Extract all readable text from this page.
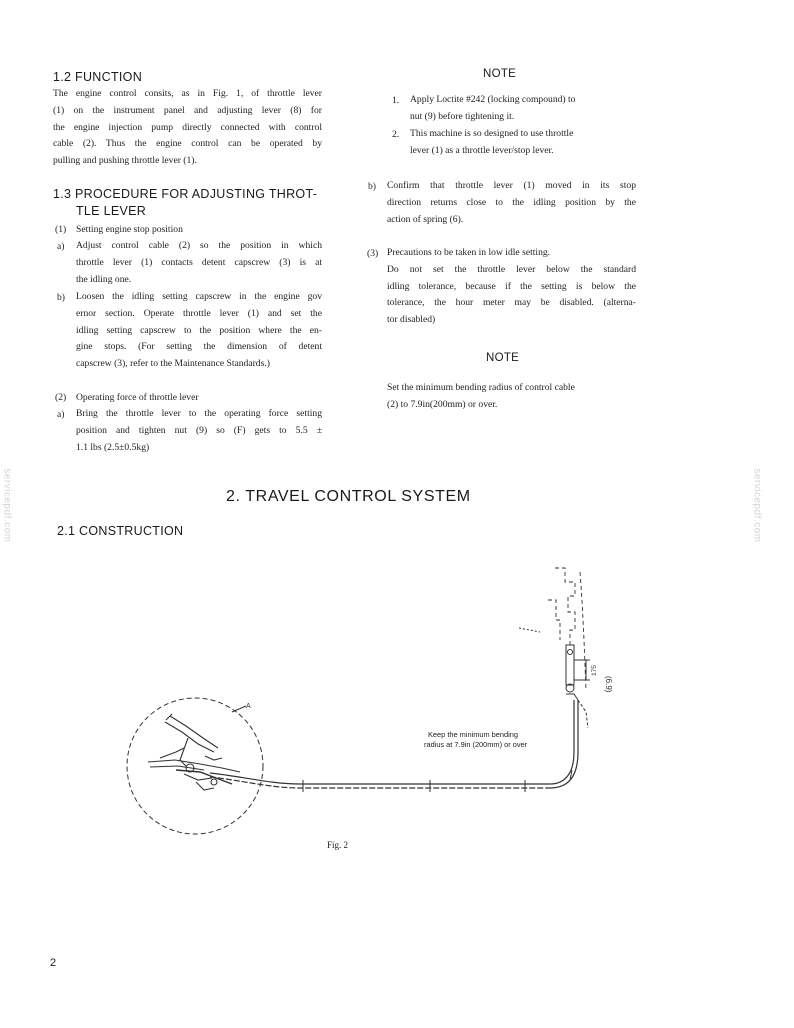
servicepdf.com	servicepdf.com
1.2 FUNCTION
The engine control consits, as in Fig. 1, of throttle lever
(1) on the instrument panel and adjusting lever (8) for
the engine injection pump directly connected with control
cable (2). Thus the engine control can be operated by
pulling and pushing throttle lever (1).
1.3 PROCEDURE FOR ADJUSTING THROT-
TLE LEVER
(1) Setting engine stop position
a) Adjust control cable (2) so the position in which
throttle lever (1) contacts detent capscrew (3) is at
the idling one.
b) Loosen the idling setting capscrew in the engine gov
ernor section. Operate throttle lever (1) and set the
idling setting capscrew to the position where the en-
gine stops. (For setting the dimension of detent
capscrew (3), refer to the Maintenance Standards.)
(2) Operating force of throttle lever
a) Bring the throttle lever to the operating force setting
position and tighten nut (9) so (F) gets to 5.5 ±
1.1 lbs (2.5±0.5kg)
NOTE
1. Apply Loctite #242 (locking compound) to
nut (9) before tightening it.
2. This machine is so designed to use throttle
lever (1) as a throttle lever/stop lever.
b) Confirm that throttle lever (1) moved in its stop
direction returns close to the idling position by the
action of spring (6).
(3) Precautions to be taken in low idle setting.
Do not set the throttle lever below the standard
idling tolerance, because if the setting is below the
tolerance, the hour meter may be disabled. (alterna-
tor disabled)
NOTE
Set the minimum bending radius of control cable
(2) to 7.9in(200mm) or over.
2. TRAVEL CONTROL SYSTEM
2.1 CONSTRUCTION
A
175
(6.9)
Keep the minimum bending
radius at 7.9in (200mm) or over
Fig. 2
2
